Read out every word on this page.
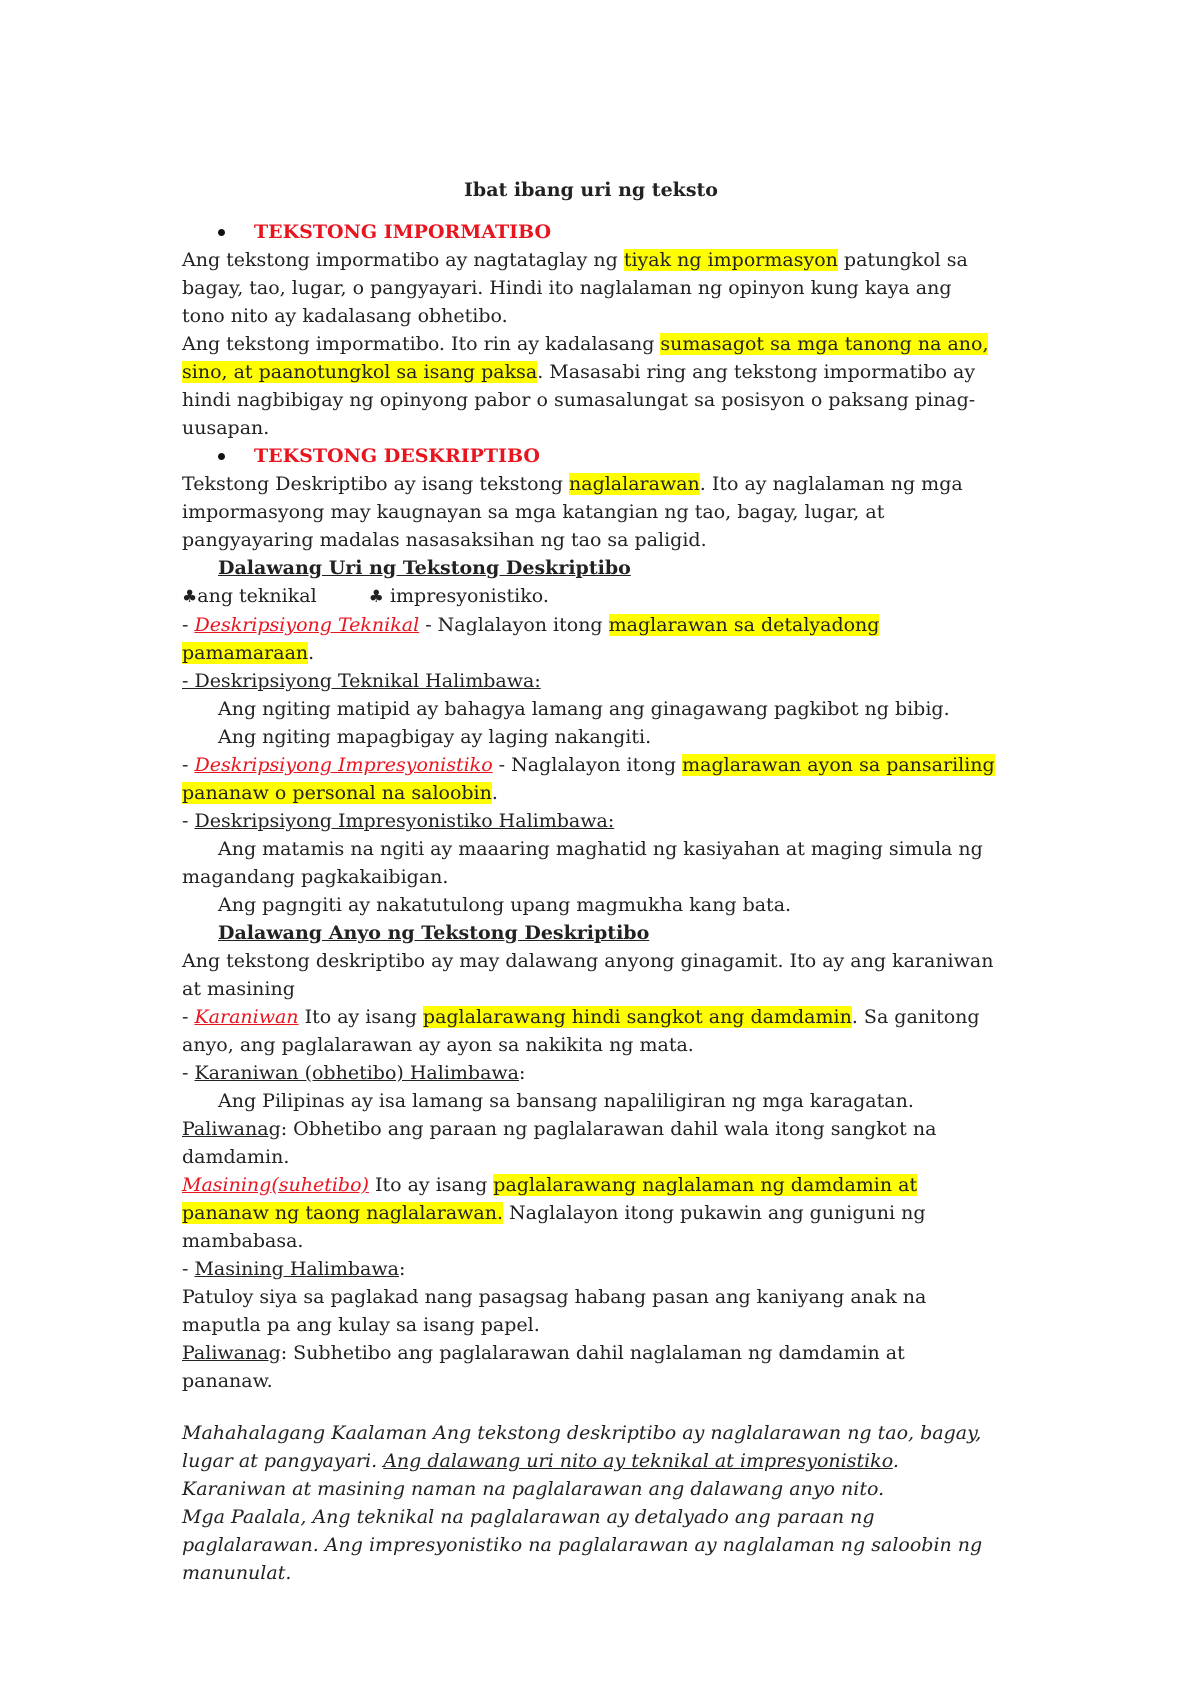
Ibat ibang uri ng teksto

TEKSTONG IMPORMATIBO

Ang tekstong impormatibo ay nagtataglay ng tiyak ng impormasyon patungkol sa bagay, tao, lugar, o pangyayari. Hindi ito naglalaman ng opinyon kung kaya ang tono nito ay kadalasang obhetibo.

Ang tekstong impormatibo. Ito rin ay kadalasang sumasagot sa mga tanong na ano, sino, at paanotungkol sa isang paksa. Masasabi ring ang tekstong impormatibo ay hindi nagbibigay ng opinyong pabor o sumasalungat sa posisyon o paksang pinag-uusapan.

TEKSTONG DESKRIPTIBO

Tekstong Deskriptibo ay isang tekstong naglalarawan. Ito ay naglalaman ng mga impormasyong may kaugnayan sa mga katangian ng tao, bagay, lugar, at pangyayaring madalas nasasaksihan ng tao sa paligid.

Dalawang Uri ng Tekstong Deskriptibo

♣ang teknikal	♣ impresyonistiko.

- Deskripsiyong Teknikal - Naglalayon itong maglarawan sa detalyadong pamamaraan.

- Deskripsiyong Teknikal Halimbawa:

Ang ngiting matipid ay bahagya lamang ang ginagawang pagkibot ng bibig.

Ang ngiting mapagbigay ay laging nakangiti.

- Deskripsiyong Impresyonistiko - Naglalayon itong maglarawan ayon sa pansariling pananaw o personal na saloobin.

- Deskripsiyong Impresyonistiko Halimbawa:

Ang matamis na ngiti ay maaaring maghatid ng kasiyahan at maging simula ng magandang pagkakaibigan.

Ang pagngiti ay nakatutulong upang magmukha kang bata.

Dalawang Anyo ng Tekstong Deskriptibo

Ang tekstong deskriptibo ay may dalawang anyong ginagamit. Ito ay ang karaniwan at masining

- Karaniwan Ito ay isang paglalarawang hindi sangkot ang damdamin. Sa ganitong anyo, ang paglalarawan ay ayon sa nakikita ng mata.

- Karaniwan (obhetibo) Halimbawa:

Ang Pilipinas ay isa lamang sa bansang napaliligiran ng mga karagatan.

Paliwanag: Obhetibo ang paraan ng paglalarawan dahil wala itong sangkot na damdamin.

Masining(suhetibo) Ito ay isang paglalarawang naglalaman ng damdamin at pananaw ng taong naglalarawan. Naglalayon itong pukawin ang guniguni ng mambabasa.

- Masining Halimbawa:

Patuloy siya sa paglakad nang pasagsag habang pasan ang kaniyang anak na maputla pa ang kulay sa isang papel.

Paliwanag: Subhetibo ang paglalarawan dahil naglalaman ng damdamin at pananaw.

Mahahalagang Kaalaman Ang tekstong deskriptibo ay naglalarawan ng tao, bagay, lugar at pangyayari. Ang dalawang uri nito ay teknikal at impresyonistiko. Karaniwan at masining naman na paglalarawan ang dalawang anyo nito.

Mga Paalala, Ang teknikal na paglalarawan ay detalyado ang paraan ng paglalarawan. Ang impresyonistiko na paglalarawan ay naglalaman ng saloobin ng manunulat.
